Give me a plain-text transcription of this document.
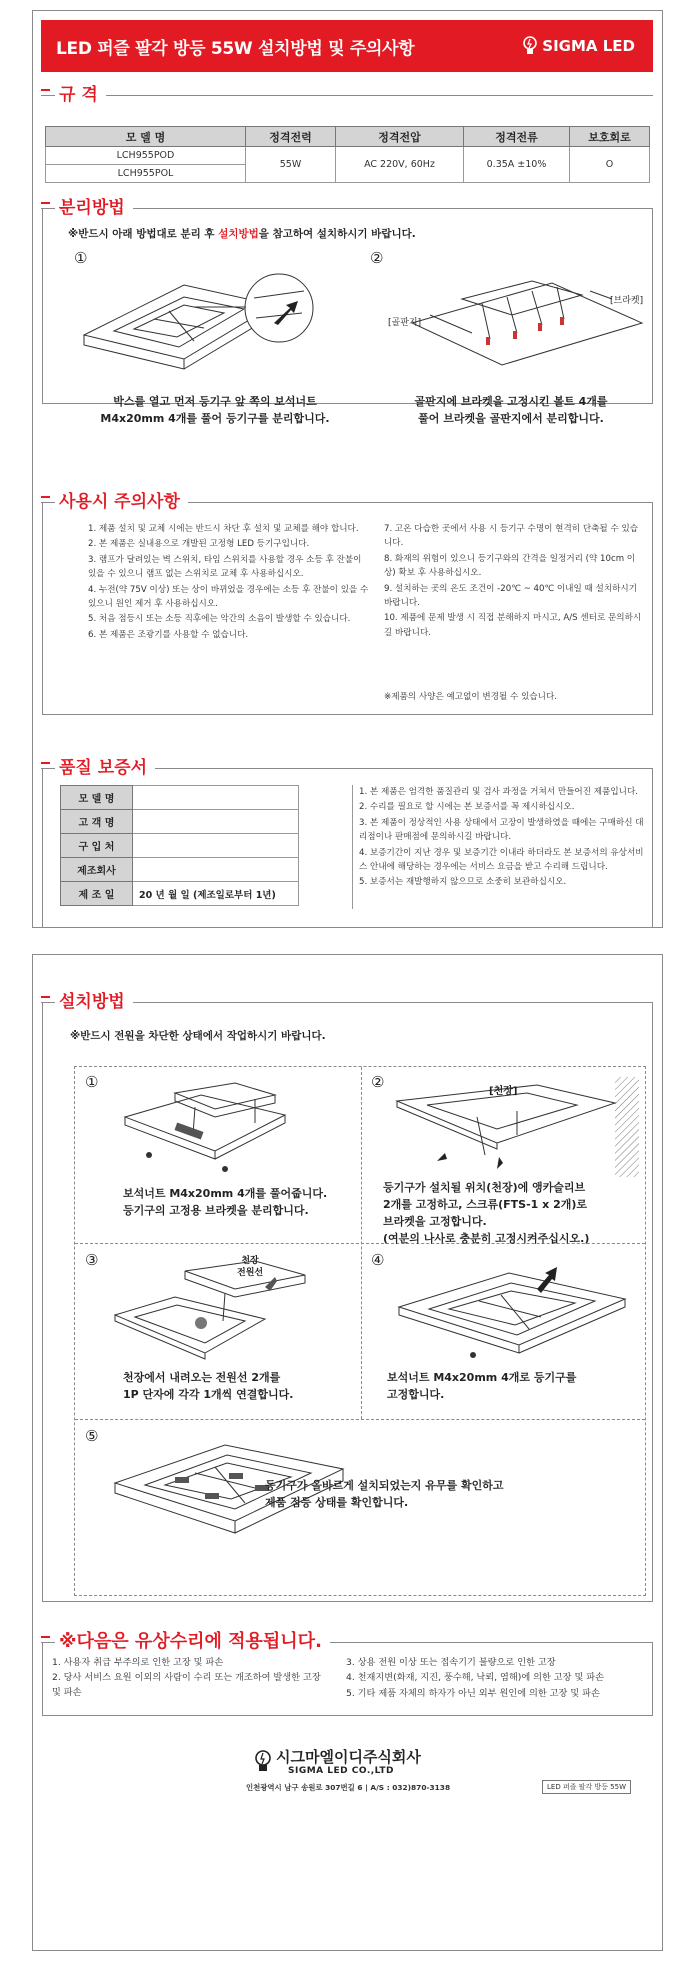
LED 퍼즐 팔각 방등 55W 설치방법 및 주의사항	SIGMA LED
규 격
모 델 명	정격전력	정격전압	정격전류	보호회로
LCH955POD	55W	AC 220V, 60Hz	0.35A ±10%	O
LCH955POL				
분리방법
※반드시 아래 방법대로 분리 후 설치방법을 참고하여 설치하시기 바랍니다.
①
박스를 열고 먼저 등기구 앞 쪽의 보석너트
M4x20mm 4개를 풀어 등기구를 분리합니다.
②
[골판지]
[브라켓]
골판지에 브라켓을 고정시킨 볼트 4개를
풀어 브라켓을 골판지에서 분리합니다.
사용시 주의사항
1. 제품 설치 및 교체 시에는 반드시 차단 후 설치 및 교체를 해야 합니다.
2. 본 제품은 실내용으로 개발된 고정형 LED 등기구입니다.
3. 램프가 달려있는 벽 스위치, 타임 스위치를 사용할 경우 소등 후 잔불이 있을 수 있으니 램프 없는 스위치로 교체 후 사용하십시오.
4. 누전(약 75V 이상) 또는 상이 바뀌었을 경우에는 소등 후 잔불이 있을 수 있으니 원인 제거 후 사용하십시오.
5. 처음 점등시 또는 소등 직후에는 악간의 소음이 발생할 수 있습니다.
6. 본 제품은 조광기를 사용할 수 없습니다.
7. 고온 다습한 곳에서 사용 시 등기구 수명이 현격히 단축될 수 있습니다.
8. 화재의 위험이 있으니 등기구와의 간격을 일정거리 (약 10cm 이상) 확보 후 사용하십시오.
9. 설치하는 곳의 온도 조건이 -20℃ ~ 40℃ 이내일 때 설치하시기 바랍니다.
10. 제품에 문제 발생 시 직접 분해하지 마시고, A/S 센터로 문의하시길 바랍니다.
※제품의 사양은 예고없이 변경될 수 있습니다.
품질 보증서
모 델 명	
고 객 명	
구 입 처	
제조회사	
제 조 일	20 년 월 일 (제조일로부터 1년)
1. 본 제품은 엄격한 품질관리 및 검사 과정을 거쳐서 만들어진 제품입니다.
2. 수리를 필요로 할 시에는 본 보증서를 꼭 제시하십시오.
3. 본 제품이 정상적인 사용 상태에서 고장이 발생하였을 때에는 구매하신 대리점이나 판매점에 문의하시길 바랍니다.
4. 보증기간이 지난 경우 및 보증기간 이내라 하더라도 본 보증서의 유상서비스 안내에 해당하는 경우에는 서비스 요금을 받고 수리해 드립니다.
5. 보증서는 재발행하지 않으므로 소중히 보관하십시오.
설치방법
※반드시 전원을 차단한 상태에서 작업하시기 바랍니다.
①
보석너트 M4x20mm 4개를 풀어줍니다.
등기구의 고정용 브라켓을 분리합니다.
②
[천장]
등기구가 설치될 위치(천장)에 앵카슬리브
2개를 고정하고, 스크류(FTS-1 x 2개)로
브라켓을 고정합니다.
(여분의 나사로 충분히 고정시켜주십시오.)
③	천장
전원선
천장에서 내려오는 전원선 2개를
1P 단자에 각각 1개씩 연결합니다.
④
보석너트 M4x20mm 4개로 등기구를
고정합니다.
⑤
등기구가 올바르게 설치되었는지 유무를 확인하고
제품 점등 상태를 확인합니다.
※다음은 유상수리에 적용됩니다.
1. 사용자 취급 부주의로 인한 고장 및 파손
2. 당사 서비스 요원 이외의 사람이 수리 또는 개조하여 발생한 고장 및 파손
3. 상용 전원 이상 또는 접속기기 불량으로 인한 고장
4. 천재지변(화재, 지진, 풍수해, 낙뢰, 염해)에 의한 고장 및 파손
5. 기타 제품 자체의 하자가 아닌 외부 원인에 의한 고장 및 파손
시그마엘이디주식회사
SIGMA LED CO.,LTD
인천광역시 남구 송원로 307번길 6 | A/S : 032)870-3138	LED 퍼즐 팔각 방등 55W
